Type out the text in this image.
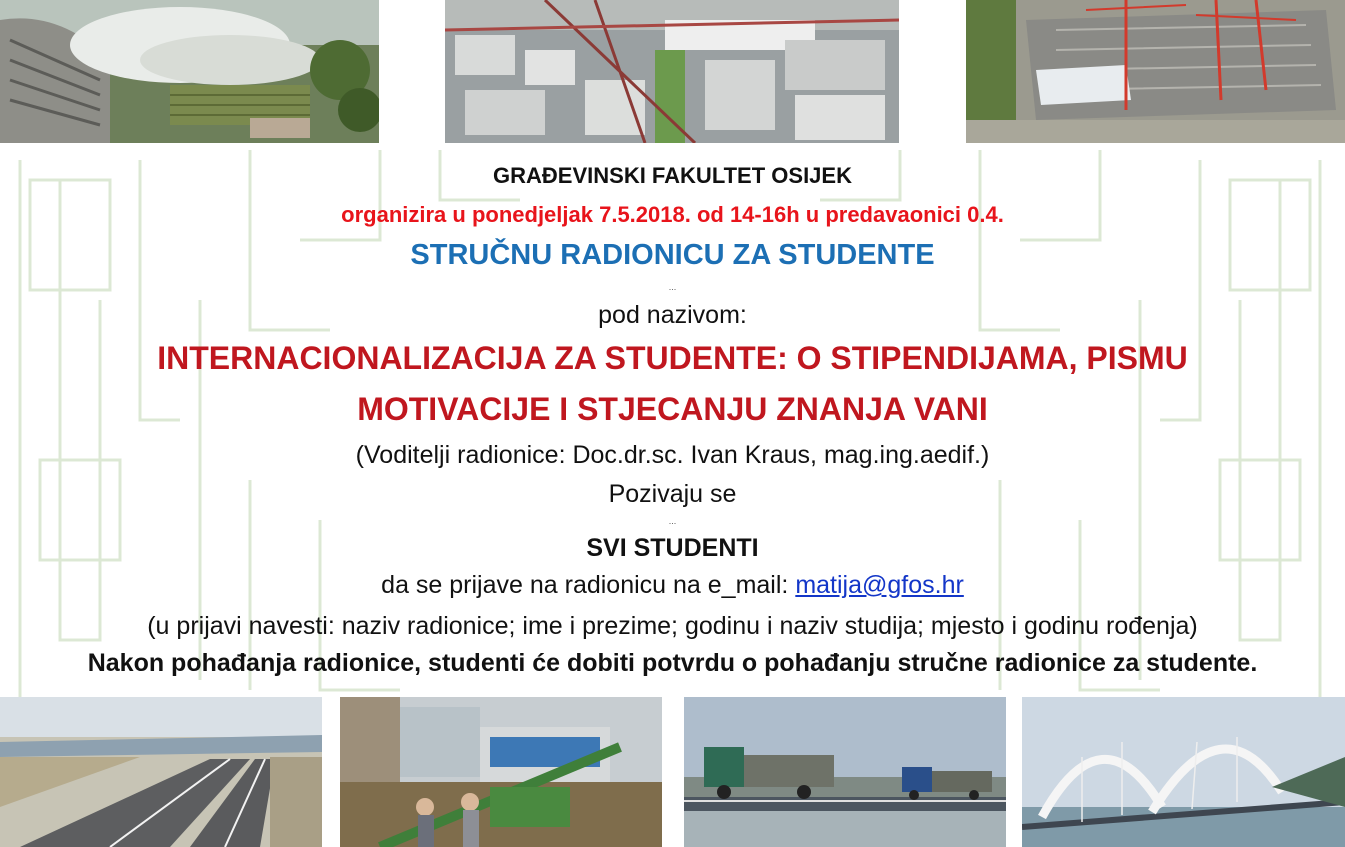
GRAĐEVINSKI FAKULTET OSIJEK
organizira u ponedjeljak 7.5.2018. od 14-16h u predavaonici 0.4.
STRUČNU RADIONICU ZA STUDENTE
...
pod nazivom:
INTERNACIONALIZACIJA ZA STUDENTE: O STIPENDIJAMA, PISMU
MOTIVACIJE I STJECANJU ZNANJA VANI
(Voditelji radionice: Doc.dr.sc. Ivan Kraus, mag.ing.aedif.)
Pozivaju se
...
SVI STUDENTI
da se prijave na radionicu na e_mail: matija@gfos.hr
(u prijavi navesti: naziv radionice; ime i prezime; godinu i naziv studija; mjesto i godinu rođenja)
Nakon pohađanja radionice, studenti će dobiti potvrdu o pohađanju stručne radionice za studente.
